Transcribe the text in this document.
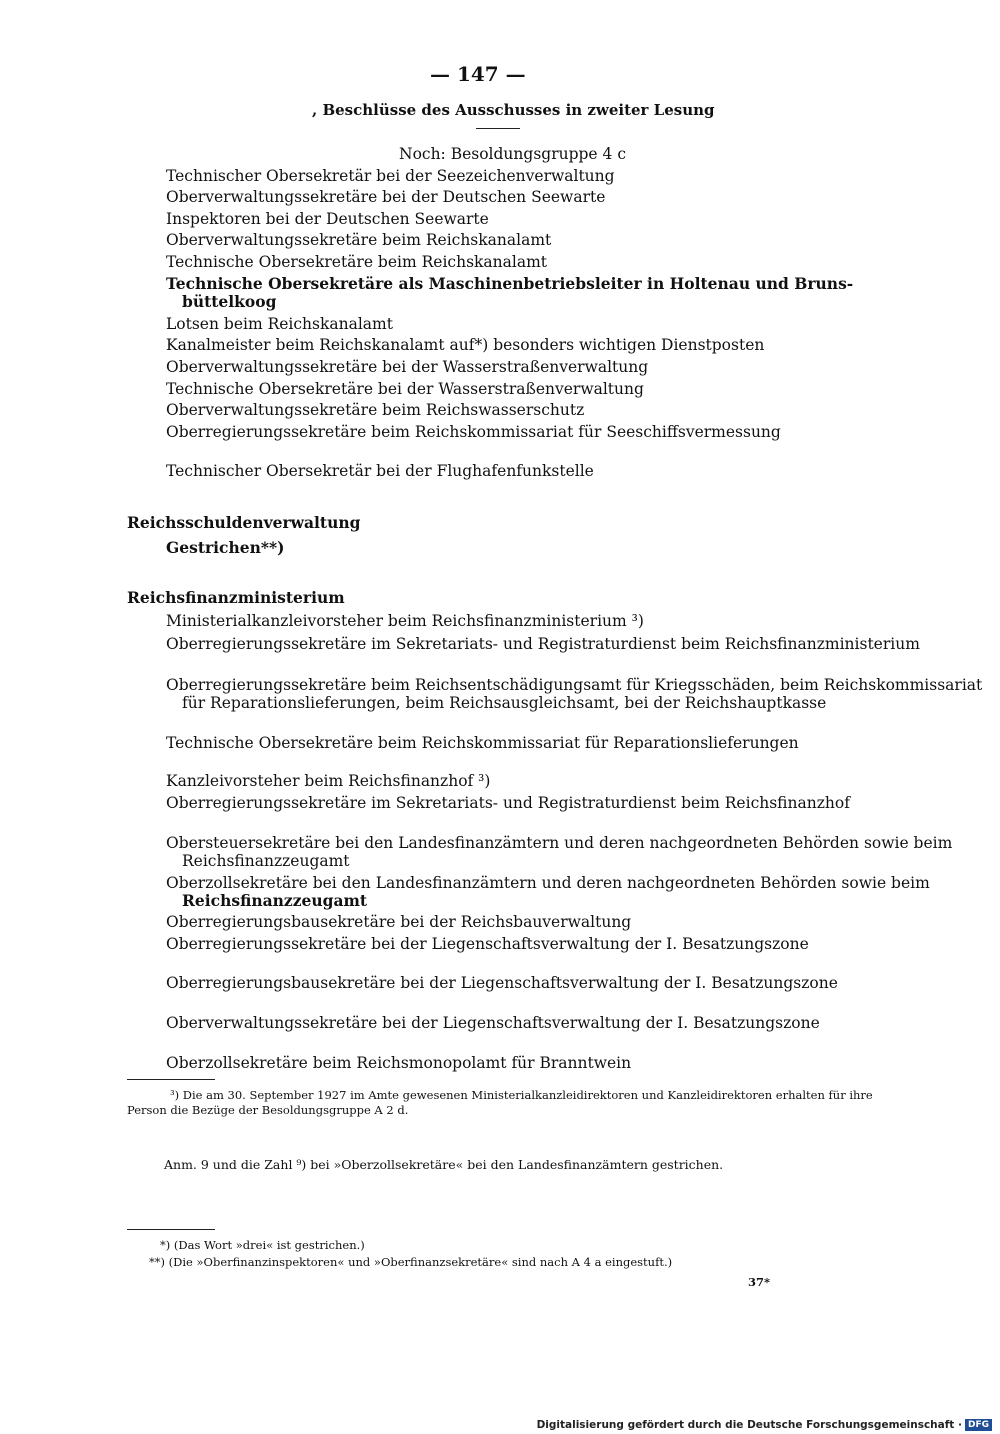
— 147 —
, Beschlüsse des Ausschusses in zweiter Lesung
Noch: Besoldungsgruppe 4 c
Technischer Obersekretär bei der Seezeichenverwaltung
Oberverwaltungssekretäre bei der Deutschen Seewarte
Inspektoren bei der Deutschen Seewarte
Oberverwaltungssekretäre beim Reichskanalamt
Technische Obersekretäre beim Reichskanalamt
Technische Obersekretäre als Maschinenbetriebsleiter in Holtenau und Bruns-
büttelkoog
Lotsen beim Reichskanalamt
Kanalmeister beim Reichskanalamt auf*) besonders wichtigen Dienstposten
Oberverwaltungssekretäre bei der Wasserstraßenverwaltung
Technische Obersekretäre bei der Wasserstraßenverwaltung
Oberverwaltungssekretäre beim Reichswasserschutz
Oberregierungssekretäre beim Reichskommissariat für Seeschiffsvermessung
Technischer Obersekretär bei der Flughafenfunkstelle
Reichsschuldenverwaltung
Gestrichen**)
Reichsfinanzministerium
Ministerialkanzleivorsteher beim Reichsfinanzministerium ³)
Oberregierungssekretäre im Sekretariats- und Registraturdienst beim Reichsfinanzministerium
Oberregierungssekretäre beim Reichsentschädigungsamt für Kriegsschäden, beim Reichskommissariat
für Reparationslieferungen, beim Reichsausgleichsamt, bei der Reichshauptkasse
Technische Obersekretäre beim Reichskommissariat für Reparationslieferungen
Kanzleivorsteher beim Reichsfinanzhof ³)
Oberregierungssekretäre im Sekretariats- und Registraturdienst beim Reichsfinanzhof
Obersteuersekretäre bei den Landesfinanzämtern und deren nachgeordneten Behörden sowie beim
Reichsfinanzzeugamt
Oberzollsekretäre bei den Landesfinanzämtern und deren nachgeordneten Behörden sowie beim
Reichsfinanzzeugamt
Oberregierungsbausekretäre bei der Reichsbauverwaltung
Oberregierungssekretäre bei der Liegenschaftsverwaltung der I. Besatzungszone
Oberregierungsbausekretäre bei der Liegenschaftsverwaltung der I. Besatzungszone
Oberverwaltungssekretäre bei der Liegenschaftsverwaltung der I. Besatzungszone
Oberzollsekretäre beim Reichsmonopolamt für Branntwein
³) Die am 30. September 1927 im Amte gewesenen Ministerialkanzleidirektoren und Kanzleidirektoren erhalten für ihre
Person die Bezüge der Besoldungsgruppe A 2 d.
Anm. 9 und die Zahl ⁹) bei »Oberzollsekretäre« bei den Landesfinanzämtern gestrichen.
*) (Das Wort »drei« ist gestrichen.)
**) (Die »Oberfinanzinspektoren« und »Oberfinanzsekretäre« sind nach A 4 a eingestuft.)
37*
Digitalisierung gefördert durch die Deutsche Forschungsgemeinschaft · DFG
